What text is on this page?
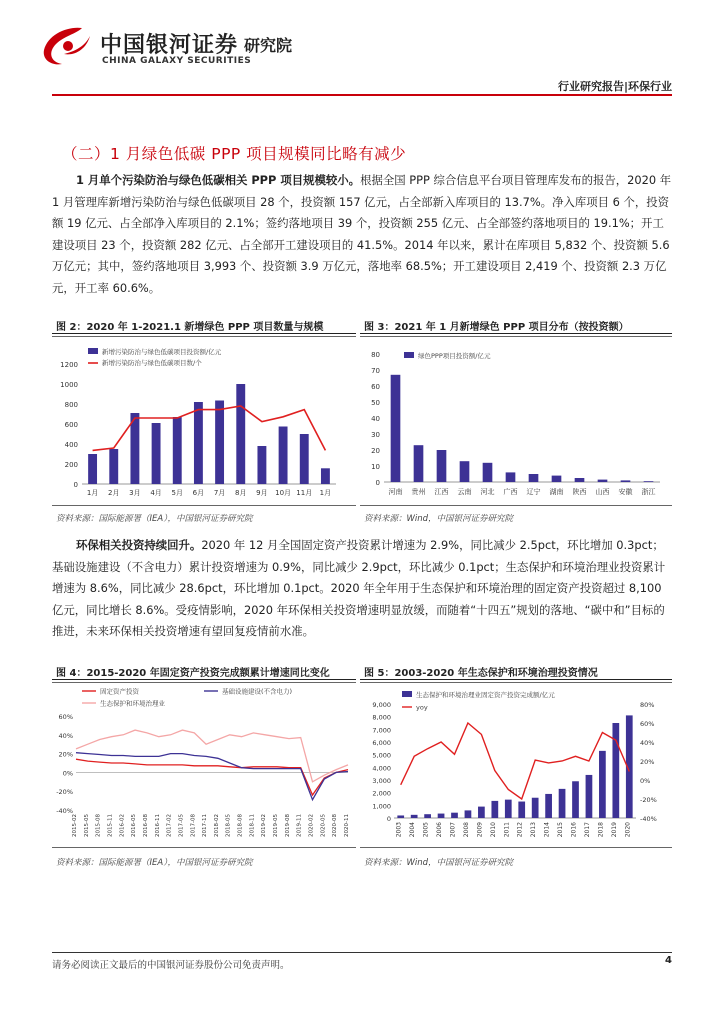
中国银河证券 研究院
CHINA GALAXY SECURITIES
行业研究报告|环保行业
（二）1 月绿色低碳 PPP 项目规模同比略有减少
1 月单个污染防治与绿色低碳相关 PPP 项目规模较小。根据全国 PPP 综合信息平台项目管理库发布的报告，2020 年 1 月管理库新增污染防治与绿色低碳项目 28 个，投资额 157 亿元，占全部新入库项目的 13.7%。净入库项目 6 个，投资额 19 亿元、占全部净入库项目的 2.1%；签约落地项目 39 个，投资额 255 亿元、占全部签约落地项目的 19.1%；开工建设项目 23 个，投资额 282 亿元、占全部开工建设项目的 41.5%。2014 年以来，累计在库项目 5,832 个、投资额 5.6 万亿元；其中，签约落地项目 3,993 个、投资额 3.9 万亿元，落地率 68.5%；开工建设项目 2,419 个、投资额 2.3 万亿元，开工率 60.6%。
图 2：2020 年 1-2021.1 新增绿色 PPP 项目数量与规模
0
200
400
600
800
1000
1200
1月 2月 3月 4月 5月 6月 7月 8月 9月 10月 11月 1月
新增污染防治与绿色低碳项目投资额/亿元
新增污染防治与绿色低碳项目数/个
资料来源：国际能源署（IEA），中国银河证券研究院
图 3：2021 年 1 月新增绿色 PPP 项目分布（按投资额）
0
10
20
30
40
50
60
70
80
河南 贵州 江西 云南 河北 广西 辽宁 湖南 陕西 山西 安徽 浙江
绿色PPP项目投资额/亿元
资料来源：Wind，中国银河证券研究院
环保相关投资持续回升。2020 年 12 月全国固定资产投资累计增速为 2.9%，同比减少 2.5pct，环比增加 0.3pct；基础设施建设（不含电力）累计投资增速为 0.9%，同比减少 2.9pct，环比减少 0.1pct；生态保护和环境治理业投资累计增速为 8.6%，同比减少 28.6pct，环比增加 0.1pct。2020 年全年用于生态保护和环境治理的固定资产投资超过 8,100 亿元，同比增长 8.6%。受疫情影响，2020 年环保相关投资增速明显放缓，而随着“十四五”规划的落地、“碳中和”目标的推进，未来环保相关投资增速有望回复疫情前水准。
图 4：2015-2020 年固定资产投资完成额累计增速同比变化
-40%
-20%
0%
20%
40%
60%
2015-02 2015-05 2015-08 2015-11 2016-02 2016-05 2016-08 2016-11 2017-02 2017-05 2017-08 2017-11 2018-02 2018-05 2018-08 2018-11 2019-02 2019-05 2019-08 2019-11 2020-02 2020-05 2020-08 2020-11
固定资产投资	基础设施建设(不含电力)
生态保护和环境治理业
资料来源：国际能源署（IEA），中国银河证券研究院
图 5：2003-2020 年生态保护和环境治理投资情况
0
1,000
2,000
3,000
4,000
5,000
6,000
7,000
8,000
9,000
-40%
-20%
0%
20%
40%
60%
80%
2003 2004 2005 2006 2007 2008 2009 2010 2011 2012 2013 2014 2015 2016 2017 2018 2019 2020
生态保护和环境治理业固定资产投资完成额/亿元
yoy
资料来源：Wind，中国银河证券研究院
请务必阅读正文最后的中国银河证券股份公司免责声明。	4
